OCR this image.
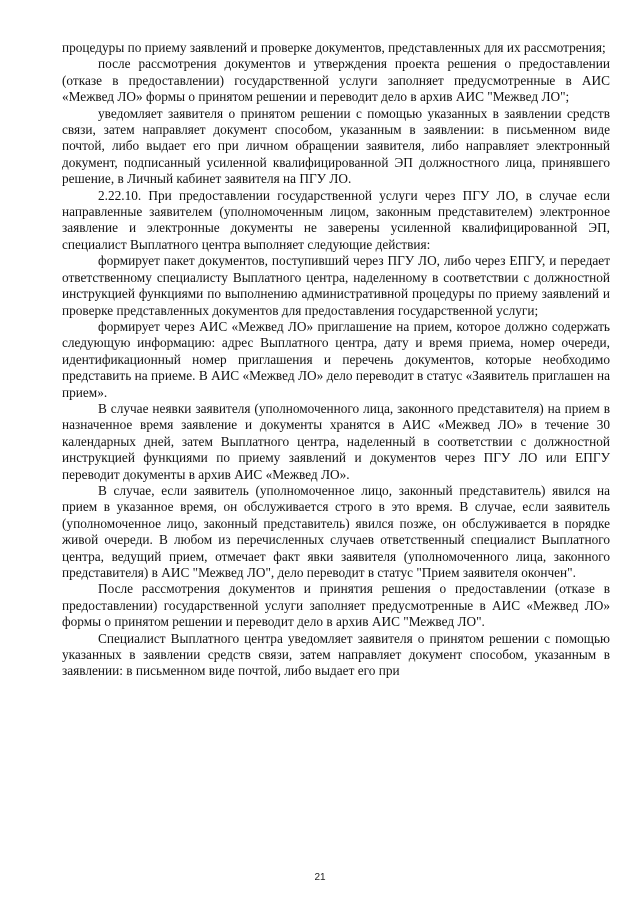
процедуры по приему заявлений и проверке документов, представленных для их рассмотрения;

после рассмотрения документов и утверждения проекта решения о предоставлении (отказе в предоставлении) государственной услуги заполняет предусмотренные в АИС «Межвед ЛО» формы о принятом решении и переводит дело в архив АИС "Межвед ЛО";

уведомляет заявителя о принятом решении с помощью указанных в заявлении средств связи, затем направляет документ способом, указанным в заявлении: в письменном виде почтой, либо выдает его при личном обращении заявителя, либо направляет электронный документ, подписанный усиленной квалифицированной ЭП должностного лица, принявшего решение, в Личный кабинет заявителя на ПГУ ЛО.

2.22.10. При предоставлении государственной услуги через ПГУ ЛО, в случае если направленные заявителем (уполномоченным лицом, законным представителем) электронное заявление и электронные документы не заверены усиленной квалифицированной ЭП, специалист Выплатного центра выполняет следующие действия:

формирует пакет документов, поступивший через ПГУ ЛО, либо через ЕПГУ, и передает ответственному специалисту Выплатного центра, наделенному в соответствии с должностной инструкцией функциями по выполнению административной процедуры по приему заявлений и проверке представленных документов для предоставления государственной услуги;

формирует через АИС «Межвед ЛО» приглашение на прием, которое должно содержать следующую информацию: адрес Выплатного центра, дату и время приема, номер очереди, идентификационный номер приглашения и перечень документов, которые необходимо представить на приеме. В АИС «Межвед ЛО» дело переводит в статус «Заявитель приглашен на прием».

В случае неявки заявителя (уполномоченного лица, законного представителя) на прием в назначенное время заявление и документы хранятся в АИС «Межвед ЛО» в течение 30 календарных дней, затем Выплатного центра, наделенный в соответствии с должностной инструкцией функциями по приему заявлений и документов через ПГУ ЛО или ЕПГУ переводит документы в архив АИС «Межвед ЛО».

В случае, если заявитель (уполномоченное лицо, законный представитель) явился на прием в указанное время, он обслуживается строго в это время. В случае, если заявитель (уполномоченное лицо, законный представитель) явился позже, он обслуживается в порядке живой очереди. В любом из перечисленных случаев ответственный специалист Выплатного центра, ведущий прием, отмечает факт явки заявителя (уполномоченного лица, законного представителя) в АИС "Межвед ЛО", дело переводит в статус "Прием заявителя окончен".

После рассмотрения документов и принятия решения о предоставлении (отказе в предоставлении) государственной услуги заполняет предусмотренные в АИС «Межвед ЛО» формы о принятом решении и переводит дело в архив АИС "Межвед ЛО".

Специалист Выплатного центра уведомляет заявителя о принятом решении с помощью указанных в заявлении средств связи, затем направляет документ способом, указанным в заявлении: в письменном виде почтой, либо выдает его при

21
